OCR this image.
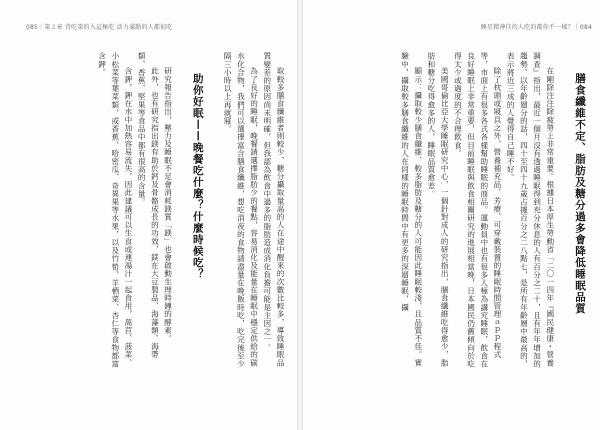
085｜第２章 背吃第的入這極吃 活力滿點的人都很吃

取較多膳食纖維者則較少，糖分攝取量高的人在途中醒來的次數比較多，導致睡眠品質變差的原因尚未明確，但我認為飲食中過多的脂肪造成消化負擔可能是主因之一。

為了良好的睡眠，晚餐請選擇脂肪少的餐點，容易消化及能量在睡眠中穩定供給的碳水化合物，我們可以選擇富含膳食纖維，想吃消夜的食物請盡量在晚飯時吃，吃完後至少隔三小時以上再就寢。

助你好眠——晚餐吃什麼？什麼時候吃？

研究報告指出，壓力及睡眠不足會消耗鎂質「鎂」也會啟動生理時鐘的酵素。

此外，也有研究指出鎂有助於鈣及骨骼成長的功效，鎂在大豆製品、海藻類、海帶類、香蕉、堅果等食品中都有很高的含量。

含鉀，鉀在水中加熱容易流失，因此建議可以生食或連湯汁一起食用，萵苣、菠菜、小松菜等葉菜類，或香蕉、哈密瓜、奇異果等水果，以及竹筍、羊栖菜、杏仁等食物都富含鉀。

睡星精神佳的人吃的都你不一樣？｜084

膳食纖維不定、脂肪及糖分過多會降低睡眠品質

在剛除注注除疲勞上非常重要。根據日本厚生勞動省「二〇一四年『國民健康・營養調查』指出，最近一個月沒有透過睡眠得到充分休息的人有百分之二十，且有年年增加的趨勢。以年齡層分的話，四十至四十九歲占據百分之二八點七，是所有年齡層中最高的，表示將近三成的人覺得自己睡不好。

除了枕頭或寢具之外，營養補充品、芳療、可穿戴裝置的睡眠時間管理ａｐｐ程式等，市面上有很多各式各樣幫助睡眠的商品。運動員中也有很多人極為講究睡眠，飲食在良好睡眠上非常重要，但目前睡眠與飲食相關研究的進展相當晚，日本國民仍舊傾向於吃得太少或過度的不合理飲食。

美國哥倫比亞大學睡眠研究中心，一個針對成人的研究指出，膳食纖維吃得愈少，脂肪和糖分吃得愈多的人，睡眠品質愈差。

顯示：攝取較少膳食纖維、較多脂肪及糖分的人可能因此睡眠較淺，且品質不佳。實驗中，攝取較多膳食纖維的人在同樣的睡眠時間中有更多的深層睡眠，攝
